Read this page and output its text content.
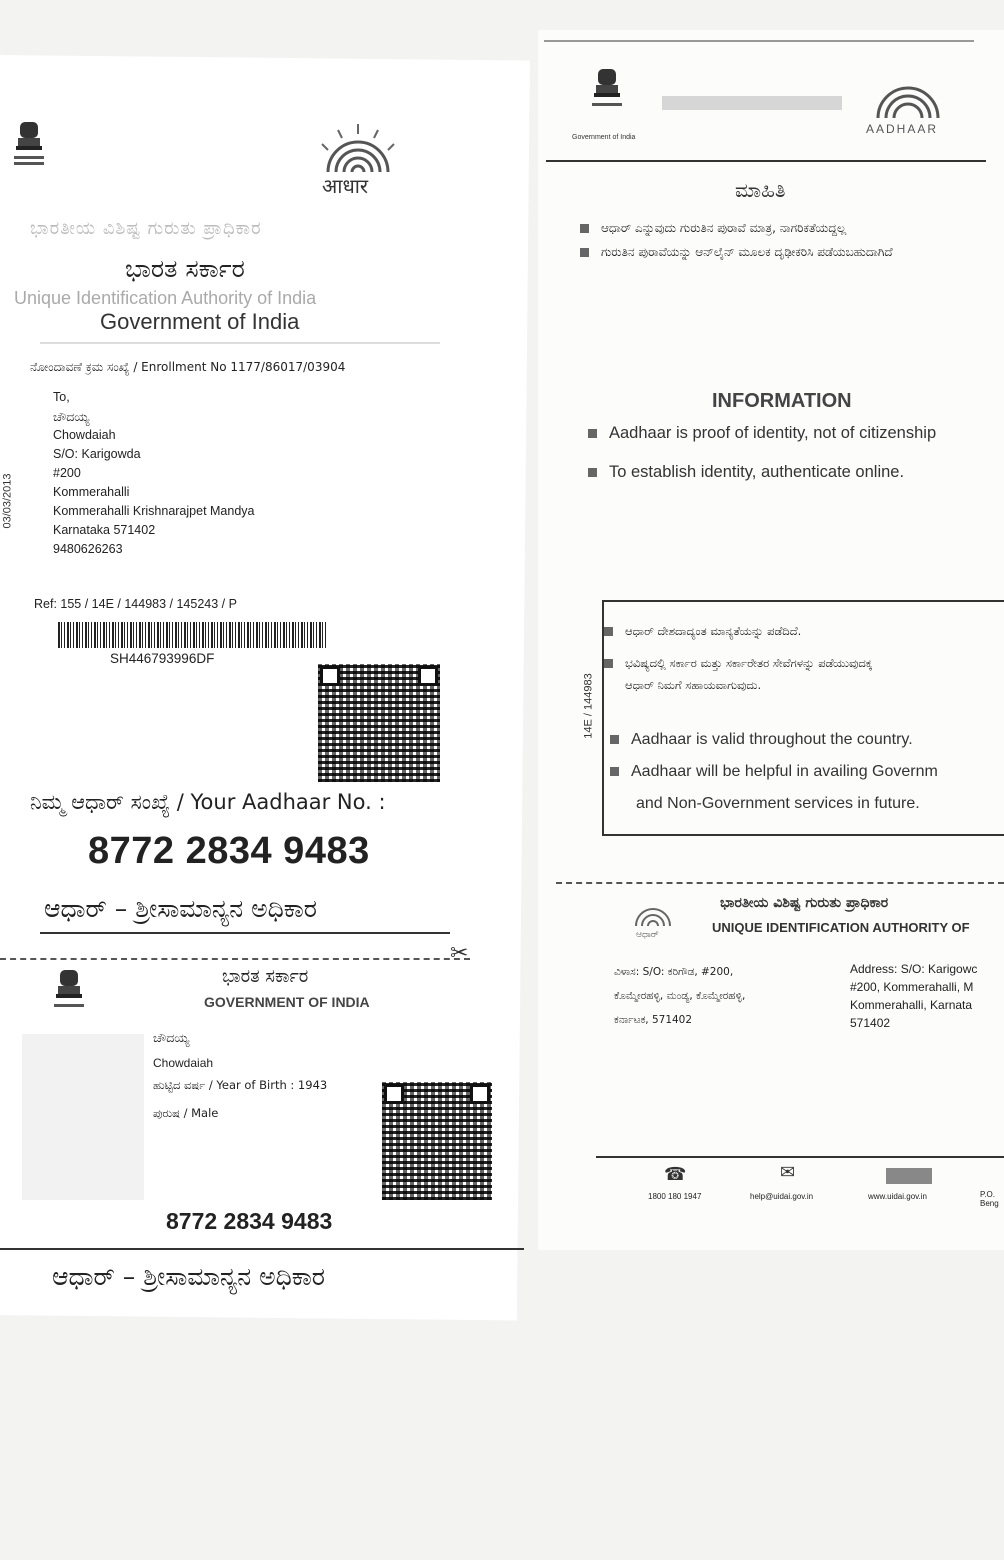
आधार
ಭಾರತೀಯ ವಿಶಿಷ್ಟ ಗುರುತು ಪ್ರಾಧಿಕಾರ
ಭಾರತ ಸರ್ಕಾರ
Unique Identification Authority of India
Government of India
ನೋಂದಾವಣೆ ಕ್ರಮ ಸಂಖ್ಯೆ / Enrollment No 1177/86017/03904
To,
ಚೌದಯ್ಯ
Chowdaiah
S/O: Karigowda
#200
Kommerahalli
Kommerahalli Krishnarajpet Mandya
Karnataka 571402
9480626263
03/03/2013
Ref: 155 / 14E / 144983 / 145243 / P
SH446793996DF
ನಿಮ್ಮ ಆಧಾರ್ ಸಂಖ್ಯೆ / Your Aadhaar No. :
8772 2834 9483
ಆಧಾರ್ – ಶ್ರೀಸಾಮಾನ್ಯನ ಅಧಿಕಾರ
✂
ಭಾರತ ಸರ್ಕಾರ
GOVERNMENT OF INDIA
ಚೌದಯ್ಯ
Chowdaiah
ಹುಟ್ಟಿದ ವರ್ಷ / Year of Birth : 1943
ಪುರುಷ / Male
8772 2834 9483
ಆಧಾರ್ – ಶ್ರೀಸಾಮಾನ್ಯನ ಅಧಿಕಾರ
Government of India
AADHAAR
ಮಾಹಿತಿ
ಆಧಾರ್ ಎನ್ನುವುದು ಗುರುತಿನ ಪುರಾವೆ ಮಾತ್ರ, ನಾಗರಿಕತೆಯದ್ದಲ್ಲ
ಗುರುತಿನ ಪುರಾವೆಯನ್ನು ಆನ್‌ಲೈನ್ ಮೂಲಕ ದೃಢೀಕರಿಸಿ ಪಡೆಯಬಹುದಾಗಿದೆ
INFORMATION
Aadhaar is proof of identity, not of citizenship
To establish identity, authenticate online.
14E / 144983
ಆಧಾರ್ ದೇಶದಾದ್ಯಂತ ಮಾನ್ಯತೆಯನ್ನು ಪಡೆದಿದೆ.
ಭವಿಷ್ಯದಲ್ಲಿ ಸರ್ಕಾರ ಮತ್ತು ಸರ್ಕಾರೇತರ ಸೇವೆಗಳನ್ನು ಪಡೆಯುವುದಕ್ಕ
ಆಧಾರ್ ನಿಮಗೆ ಸಹಾಯವಾಗುವುದು.
Aadhaar is valid throughout the country.
Aadhaar will be helpful in availing Governm
and Non-Government services in future.
ಆಧಾರ್
ಭಾರತೀಯ ವಿಶಿಷ್ಟ ಗುರುತು ಪ್ರಾಧಿಕಾರ
UNIQUE IDENTIFICATION AUTHORITY OF
ವಿಳಾಸ: S/O: ಕರಿಗೌಡ, #200,
ಕೊಮ್ಮೇರಹಳ್ಳಿ, ಮಂಡ್ಯ, ಕೊಮ್ಮೇರಹಳ್ಳಿ,
ಕರ್ನಾಟಕ, 571402
Address: S/O: Karigowc
#200, Kommerahalli, M
Kommerahalli, Karnata
571402
☎	✉
1800 180 1947	help@uidai.gov.in	www.uidai.gov.in	P.O.
Beng
